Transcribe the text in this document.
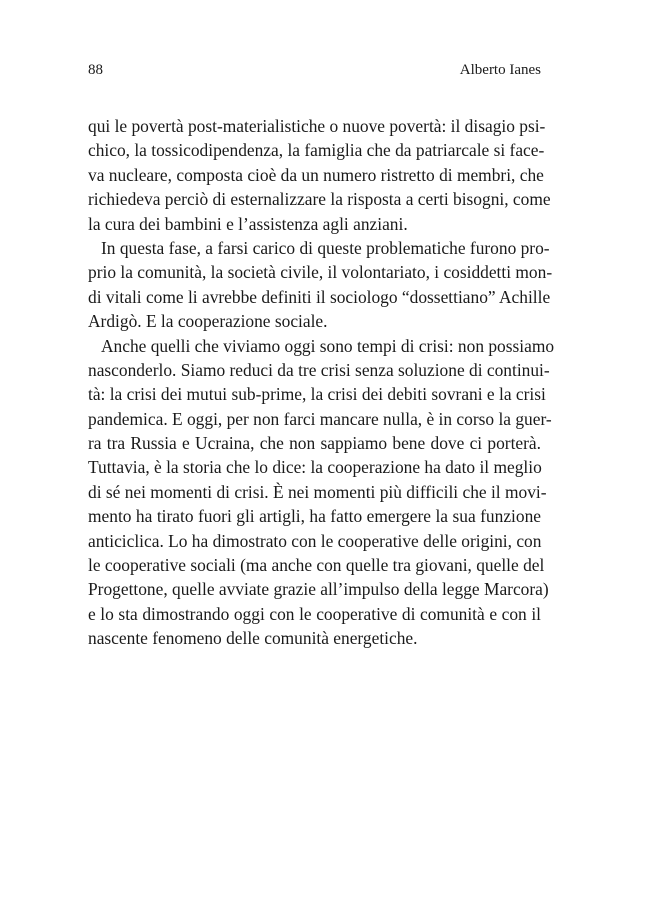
88	Alberto Ianes
qui le povertà post-materialistiche o nuove povertà: il disagio psi-
chico, la tossicodipendenza, la famiglia che da patriarcale si face-
va nucleare, composta cioè da un numero ristretto di membri, che
richiedeva perciò di esternalizzare la risposta a certi bisogni, come
la cura dei bambini e l’assistenza agli anziani.
In questa fase, a farsi carico di queste problematiche furono pro-
prio la comunità, la società civile, il volontariato, i cosiddetti mon-
di vitali come li avrebbe definiti il sociologo “dossettiano” Achille
Ardigò. E la cooperazione sociale.
Anche quelli che viviamo oggi sono tempi di crisi: non possiamo
nasconderlo. Siamo reduci da tre crisi senza soluzione di continui-
tà: la crisi dei mutui sub-prime, la crisi dei debiti sovrani e la crisi
pandemica. E oggi, per non farci mancare nulla, è in corso la guer-
ra tra Russia e Ucraina, che non sappiamo bene dove ci porterà.
Tuttavia, è la storia che lo dice: la cooperazione ha dato il meglio
di sé nei momenti di crisi. È nei momenti più difficili che il movi-
mento ha tirato fuori gli artigli, ha fatto emergere la sua funzione
anticiclica. Lo ha dimostrato con le cooperative delle origini, con
le cooperative sociali (ma anche con quelle tra giovani, quelle del
Progettone, quelle avviate grazie all’impulso della legge Marcora)
e lo sta dimostrando oggi con le cooperative di comunità e con il
nascente fenomeno delle comunità energetiche.
